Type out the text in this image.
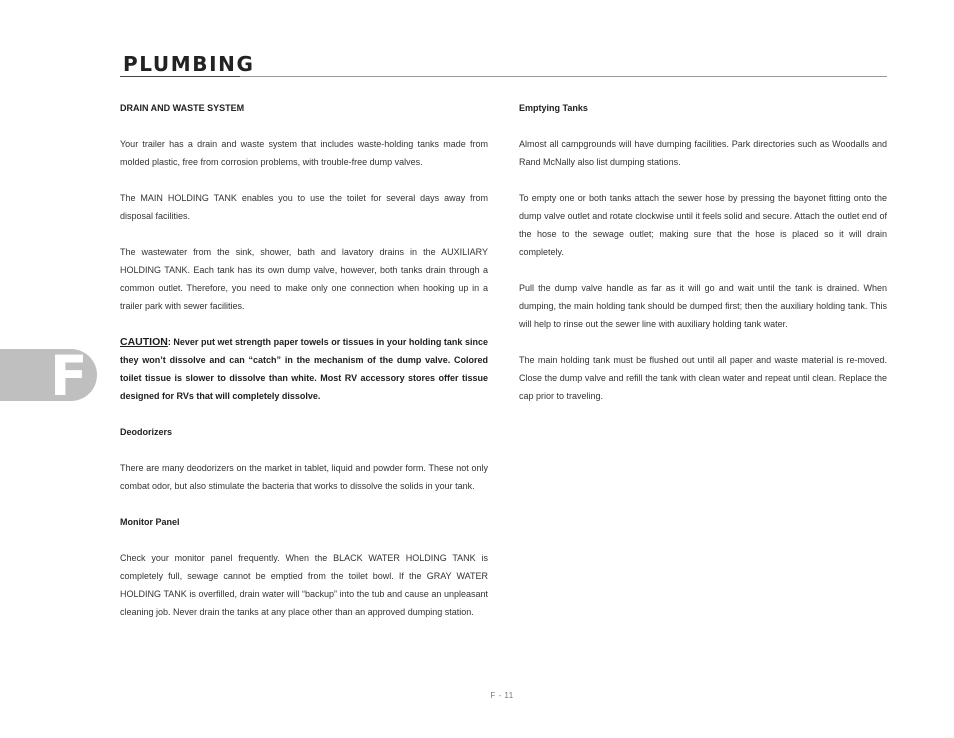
PLUMBING
F
DRAIN AND WASTE SYSTEM

Your trailer has a drain and waste system that includes waste-holding tanks made from molded plastic, free from corrosion problems, with trouble-free dump valves.

The MAIN HOLDING TANK enables you to use the toilet for several days away from disposal facilities.

The wastewater from the sink, shower, bath and lavatory drains in the AUXILIARY HOLDING TANK. Each tank has its own dump valve, however, both tanks drain through a common outlet. Therefore, you need to make only one connection when hooking up in a trailer park with sewer facilities.

CAUTION: Never put wet strength paper towels or tissues in your holding tank since they won’t dissolve and can “catch” in the mechanism of the dump valve. Colored toilet tissue is slower to dissolve than white. Most RV accessory stores offer tissue designed for RVs that will completely dissolve.

Deodorizers

There are many deodorizers on the market in tablet, liquid and powder form. These not only combat odor, but also stimulate the bacteria that works to dissolve the solids in your tank.

Monitor Panel

Check your monitor panel frequently. When the BLACK WATER HOLDING TANK is completely full, sewage cannot be emptied from the toilet bowl. If the GRAY WATER HOLDING TANK is overfilled, drain water will “backup” into the tub and cause an unpleasant cleaning job. Never drain the tanks at any place other than an approved dumping station.

Emptying Tanks

Almost all campgrounds will have dumping facilities. Park directories such as Woodalls and Rand McNally also list dumping stations.

To empty one or both tanks attach the sewer hose by pressing the bayonet fitting onto the dump valve outlet and rotate clockwise until it feels solid and secure. Attach the outlet end of the hose to the sewage outlet; making sure that the hose is placed so it will drain completely.

Pull the dump valve handle as far as it will go and wait until the tank is drained. When dumping, the main holding tank should be dumped first; then the auxiliary holding tank. This will help to rinse out the sewer line with auxiliary holding tank water.

The main holding tank must be flushed out until all paper and waste material is re-moved. Close the dump valve and refill the tank with clean water and repeat until clean. Replace the cap prior to traveling.

F - 11
